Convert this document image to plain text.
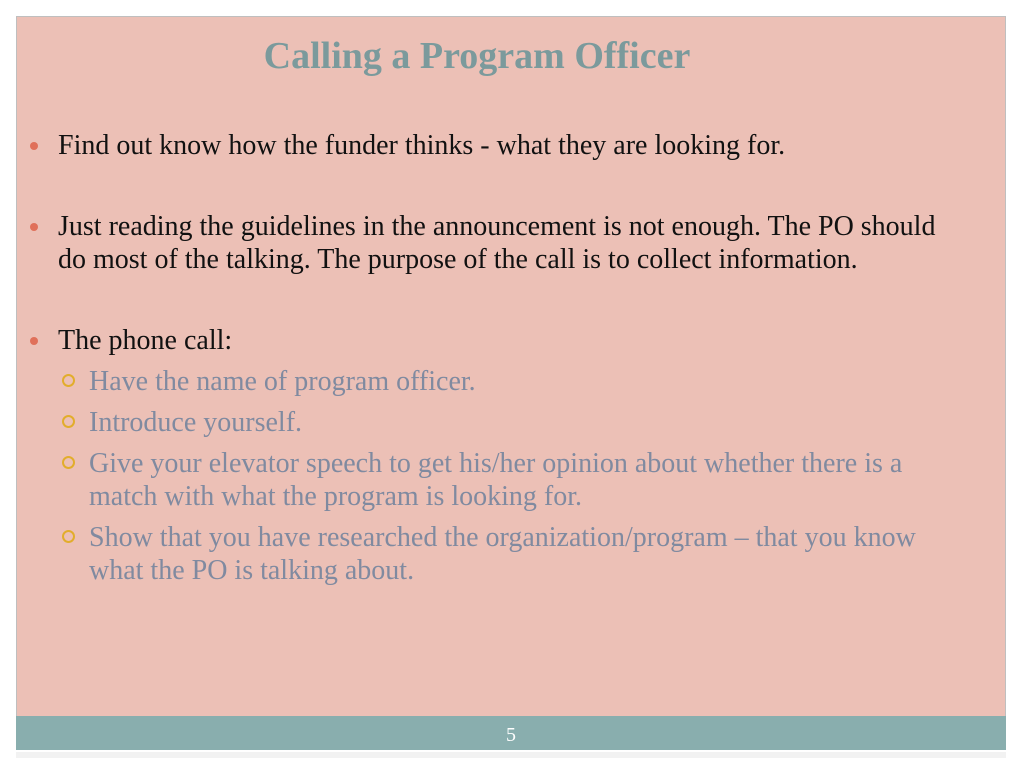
Calling a Program Officer
Find out know how the funder thinks - what they are looking for.
Just reading the guidelines in the announcement is not enough. The PO should do most of the talking. The purpose of the call is to collect information.
The phone call:
Have the name of program officer.
Introduce yourself.
Give your elevator speech to get his/her opinion about whether there is a match with what the program is looking for.
Show that you have researched the organization/program – that you know what the PO is talking about.
5
